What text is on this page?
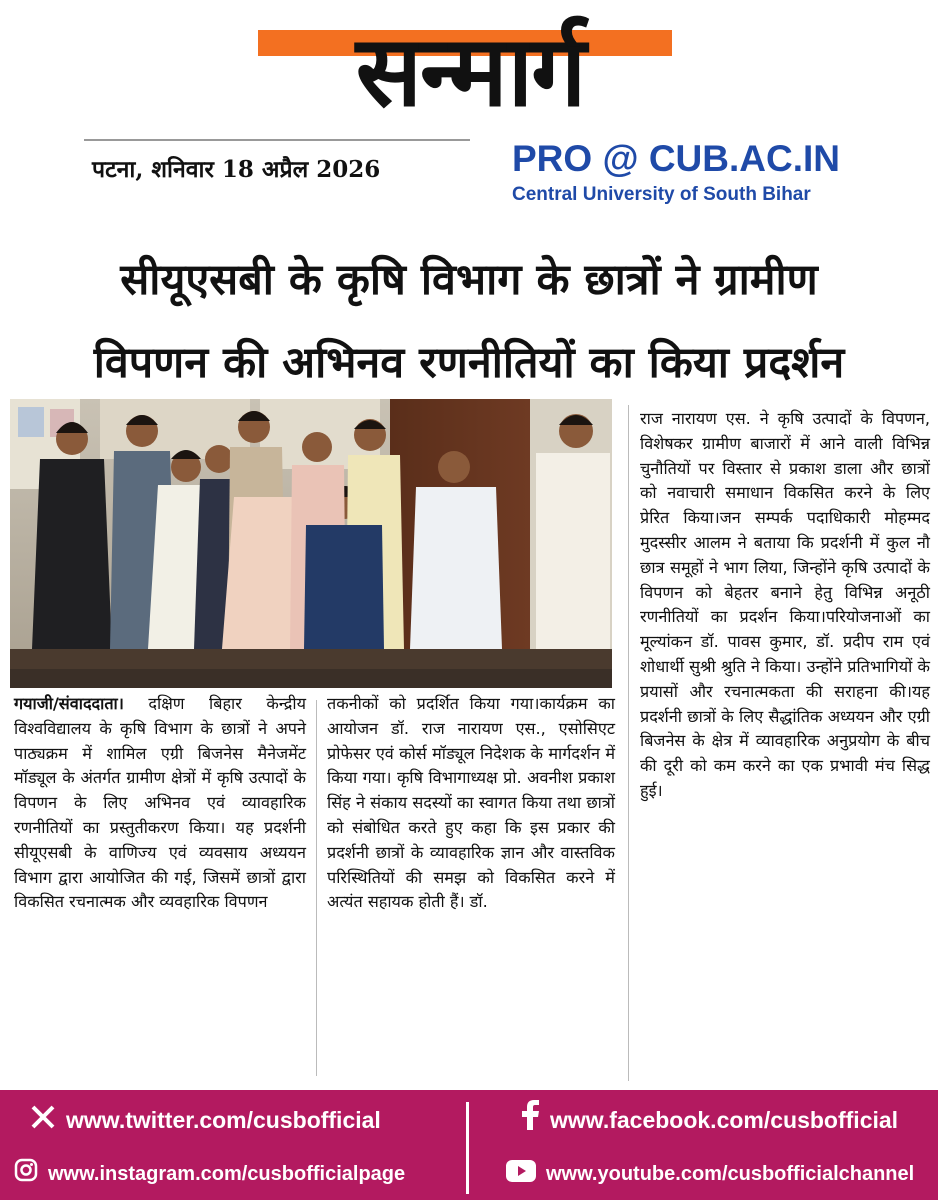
सन्मार्ग
पटना, शनिवार 18 अप्रैल 2026	PRO @ CUB.AC.IN
Central University of South Bihar
सीयूएसबी के कृषि विभाग के छात्रों ने ग्रामीण
विपणन की अभिनव रणनीतियों का किया प्रदर्शन
गयाजी/संवाददाता। दक्षिण बिहार केन्द्रीय विश्वविद्यालय के कृषि विभाग के छात्रों ने अपने पाठ्यक्रम में शामिल एग्री बिजनेस मैनेजमेंट मॉड्यूल के अंतर्गत ग्रामीण क्षेत्रों में कृषि उत्पादों के विपणन के लिए अभिनव एवं व्यावहारिक रणनीतियों का प्रस्तुतीकरण किया। यह प्रदर्शनी सीयूएसबी के वाणिज्य एवं व्यवसाय अध्ययन विभाग द्वारा आयोजित की गई, जिसमें छात्रों द्वारा विकसित रचनात्मक और व्यवहारिक विपणन
तकनीकों को प्रदर्शित किया गया।कार्यक्रम का आयोजन डॉ. राज नारायण एस., एसोसिएट प्रोफेसर एवं कोर्स मॉड्यूल निदेशक के मार्गदर्शन में किया गया। कृषि विभागाध्यक्ष प्रो. अवनीश प्रकाश सिंह ने संकाय सदस्यों का स्वागत किया तथा छात्रों को संबोधित करते हुए कहा कि इस प्रकार की प्रदर्शनी छात्रों के व्यावहारिक ज्ञान और वास्तविक परिस्थितियों की समझ को विकसित करने में अत्यंत सहायक होती हैं। डॉ.
राज नारायण एस. ने कृषि उत्पादों के विपणन, विशेषकर ग्रामीण बाजारों में आने वाली विभिन्न चुनौतियों पर विस्तार से प्रकाश डाला और छात्रों को नवाचारी समाधान विकसित करने के लिए प्रेरित किया।जन सम्पर्क पदाधिकारी मोहम्मद मुदस्सीर आलम ने बताया कि प्रदर्शनी में कुल नौ छात्र समूहों ने भाग लिया, जिन्होंने कृषि उत्पादों के विपणन को बेहतर बनाने हेतु विभिन्न अनूठी रणनीतियों का प्रदर्शन किया।परियोजनाओं का मूल्यांकन डॉ. पावस कुमार, डॉ. प्रदीप राम एवं शोधार्थी सुश्री श्रुति ने किया। उन्होंने प्रतिभागियों के प्रयासों और रचनात्मकता की सराहना की।यह प्रदर्शनी छात्रों के लिए सैद्धांतिक अध्ययन और एग्री बिजनेस के क्षेत्र में व्यावहारिक अनुप्रयोग के बीच की दूरी को कम करने का एक प्रभावी मंच सिद्ध हुई।
www.twitter.com/cusbofficial	www.facebook.com/cusbofficial
www.instagram.com/cusbofficialpage	www.youtube.com/cusbofficialchannel
